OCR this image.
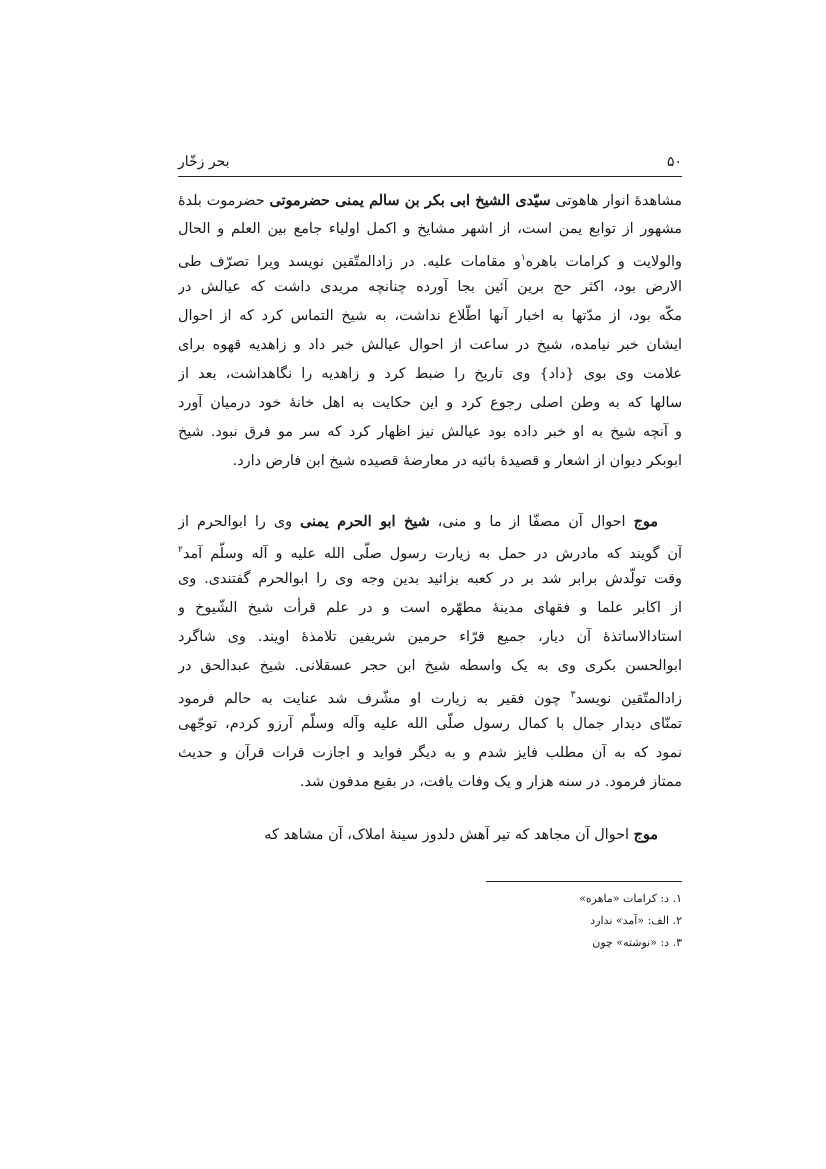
۵۰
بحر زخّار
مشاهدهٔ انوار هاهوتی سیّدی الشیخ ابی بکر بن سالم یمنی حضرموتی حضرموت بلدهٔ
مشهور از توابع یمن است، از اشهر مشایخ و اکمل اولیاء جامع بین العلم و الحال
والولایت و کرامات باهره$^۱$و مقامات علیه. در زادالمتّقین نویسد ویرا تصرّف طی
الارض بود، اکثر حج برین آئین بجا آورده چنانچه مریدی داشت که عیالش در
مکّه بود، از مدّتها به اخبار آنها اطّلاع نداشت، به شیخ التماس کرد که از احوال
ایشان خبر نیامده، شیخ در ساعت از احوال عیالش خبر داد و زاهدیه قهوه برای
علامت وی بوی {داد} وی تاریخ را ضبط کرد و زاهدیه را نگاهداشت، بعد از
سالها که به وطن اصلی رجوع کرد و این حکایت به اهل خانهٔ خود درمیان آورد
و آنچه شیخ به او خبر داده بود عیالش نیز اظهار کرد که سر مو فرق نبود. شیخ
ابوبکر دیوان از اشعار و قصیدهٔ بائیه در معارضهٔ قصیده شیخ ابن فارض دارد.
موج احوال آن مصفّا از ما و منی، شیخ ابو الحرم یمنی وی را ابوالحرم از
آن گویند که مادرش در حمل به زیارت رسول صلّی الله علیه و آله وسلّم آمد$^۲$
وقت تولّدش برابر شد بر در کعبه بزائید بدین وجه وی را ابوالحرم گفتندی. وی
از اکابر علما و فقهای مدینهٔ مطهّره است و در علم قرأت شیخ الشّیوخ و
استادالاساتذهٔ آن دیار، جمیع قرّاء حرمین شریفین تلامذهٔ اویند. وی شاگرد
ابوالحسن بکری وی به یک واسطه شیخ ابن حجر عسقلانی. شیخ عبدالحق در
زادالمتّقین نویسد$^۳$ چون فقیر به زیارت او مشّرف شد عنایت به حالم فرمود
تمنّای دیدار جمال با کمال رسول صلّی الله علیه وآله وسلّم آرزو کردم، توجّهی
نمود که به آن مطلب فایز شدم و به دیگر فواید و اجازت قرات قرآن و حدیث
ممتاز فرمود. در سنه هزار و یک وفات یافت، در بقیع مدفون شد.
موج احوال آن مجاهد که تیر آهش دلدوز سینهٔ املاک، آن مشاهد که
۱. د: کرامات «ماهره»
۲. الف: «آمد» ندارد
۳. د: «نوشته» چون
